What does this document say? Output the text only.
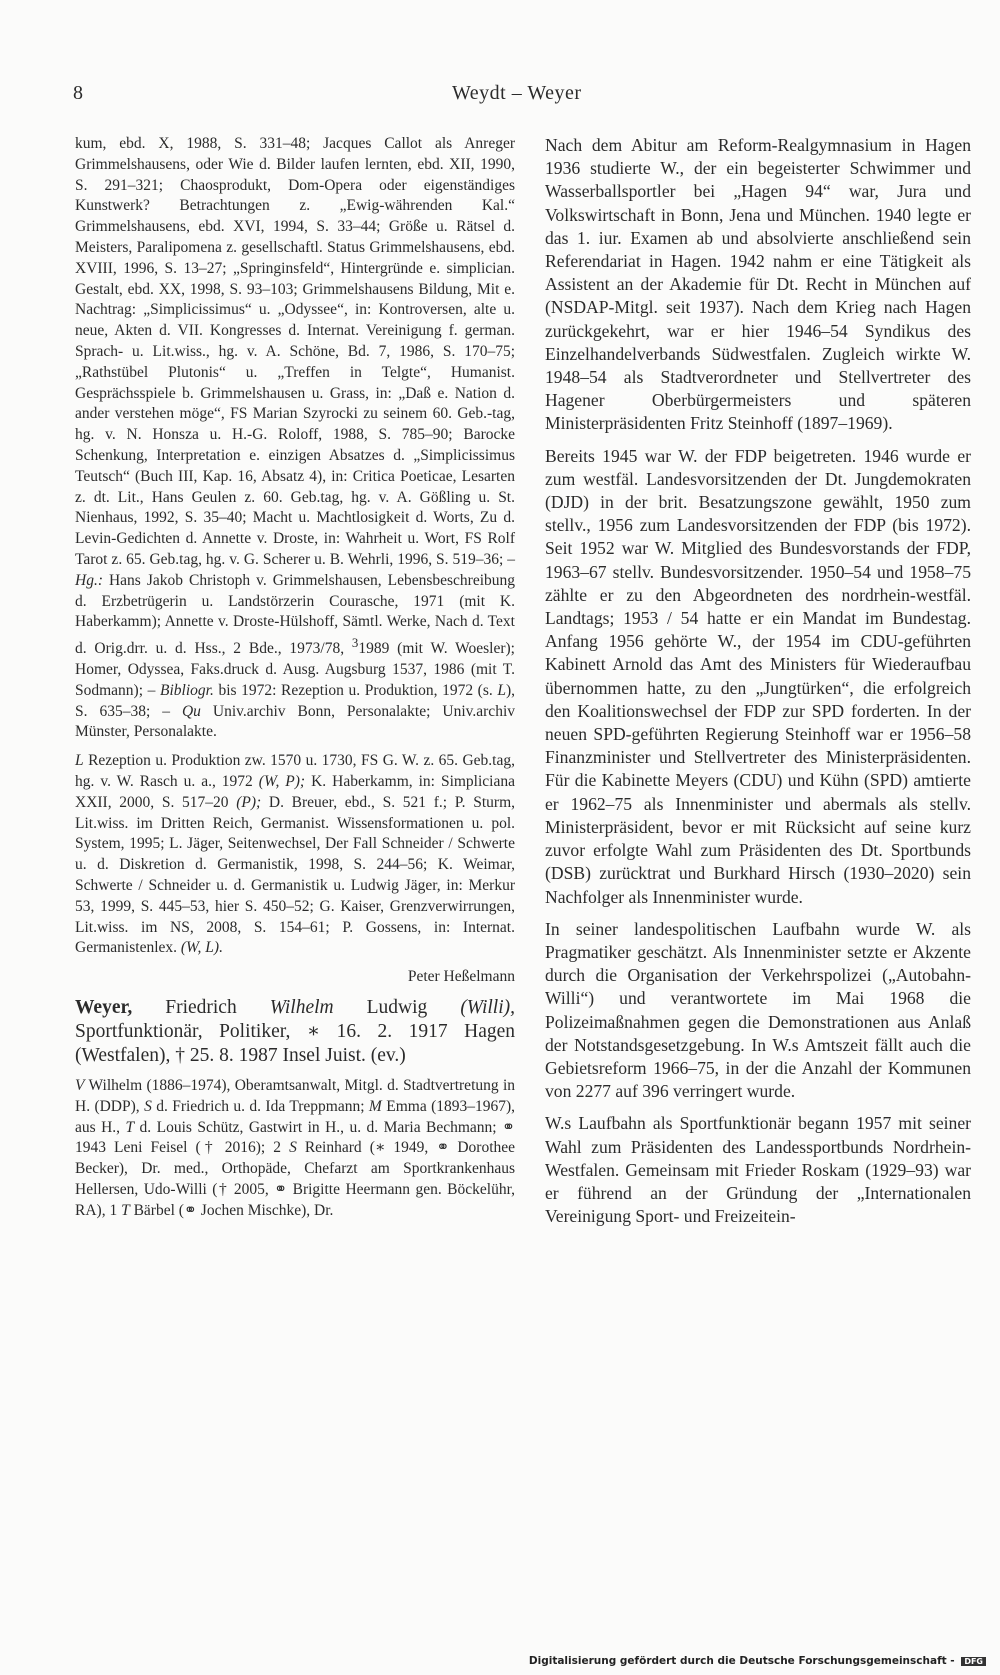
8	Weydt – Weyer

kum, ebd. X, 1988, S. 331–48; Jacques Callot als Anreger Grimmelshausens, oder Wie d. Bilder laufen lernten, ebd. XII, 1990, S. 291–321; Chaosprodukt, Dom-Opera oder eigenständiges Kunstwerk? Betrachtungen z. „Ewig-währenden Kal.“ Grimmelshausens, ebd. XVI, 1994, S. 33–44; Größe u. Rätsel d. Meisters, Paralipomena z. gesellschaftl. Status Grimmelshausens, ebd. XVIII, 1996, S. 13–27; „Springinsfeld“, Hintergründe e. simplician. Gestalt, ebd. XX, 1998, S. 93–103; Grimmelshausens Bildung, Mit e. Nachtrag: „Simplicissimus“ u. „Odyssee“, in: Kontroversen, alte u. neue, Akten d. VII. Kongresses d. Internat. Vereinigung f. german. Sprach- u. Lit.wiss., hg. v. A. Schöne, Bd. 7, 1986, S. 170–75; „Rathstübel Plutonis“ u. „Treffen in Telgte“, Humanist. Gesprächsspiele b. Grimmelshausen u. Grass, in: „Daß e. Nation d. ander verstehen möge“, FS Marian Szyrocki zu seinem 60. Geb.-tag, hg. v. N. Honsza u. H.-G. Roloff, 1988, S. 785–90; Barocke Schenkung, Interpretation e. einzigen Absatzes d. „Simplicissimus Teutsch“ (Buch III, Kap. 16, Absatz 4), in: Critica Poeticae, Lesarten z. dt. Lit., Hans Geulen z. 60. Geb.tag, hg. v. A. Gößling u. St. Nienhaus, 1992, S. 35–40; Macht u. Machtlosigkeit d. Worts, Zu d. Levin-Gedichten d. Annette v. Droste, in: Wahrheit u. Wort, FS Rolf Tarot z. 65. Geb.tag, hg. v. G. Scherer u. B. Wehrli, 1996, S. 519–36; – Hg.: Hans Jakob Christoph v. Grimmelshausen, Lebensbeschreibung d. Erzbetrügerin u. Landstörzerin Courasche, 1971 (mit K. Haberkamm); Annette v. Droste-Hülshoff, Sämtl. Werke, Nach d. Text d. Orig.drr. u. d. Hss., 2 Bde., 1973/78, $^3$1989 (mit W. Woesler); Homer, Odyssea, Faks.druck d. Ausg. Augsburg 1537, 1986 (mit T. Sodmann); – Bibliogr. bis 1972: Rezeption u. Produktion, 1972 (s. L), S. 635–38; – Qu Univ.archiv Bonn, Personalakte; Univ.archiv Münster, Personalakte.

L Rezeption u. Produktion zw. 1570 u. 1730, FS G. W. z. 65. Geb.tag, hg. v. W. Rasch u. a., 1972 (W, P); K. Haberkamm, in: Simpliciana XXII, 2000, S. 517–20 (P); D. Breuer, ebd., S. 521 f.; P. Sturm, Lit.wiss. im Dritten Reich, Germanist. Wissensformationen u. pol. System, 1995; L. Jäger, Seitenwechsel, Der Fall Schneider / Schwerte u. d. Diskretion d. Germanistik, 1998, S. 244–56; K. Weimar, Schwerte / Schneider u. d. Germanistik u. Ludwig Jäger, in: Merkur 53, 1999, S. 445–53, hier S. 450–52; G. Kaiser, Grenzverwirrungen, Lit.wiss. im NS, 2008, S. 154–61; P. Gossens, in: Internat. Germanistenlex. (W, L).

Peter Heßelmann

Weyer, Friedrich Wilhelm Ludwig (Willi), Sportfunktionär, Politiker, ∗ 16. 2. 1917 Hagen (Westfalen), † 25. 8. 1987 Insel Juist. (ev.)

V Wilhelm (1886–1974), Oberamtsanwalt, Mitgl. d. Stadtvertretung in H. (DDP), S d. Friedrich u. d. Ida Treppmann; M Emma (1893–1967), aus H., T d. Louis Schütz, Gastwirt in H., u. d. Maria Bechmann; ⚭ 1943 Leni Feisel († 2016); 2 S Reinhard (∗ 1949, ⚭ Dorothee Becker), Dr. med., Orthopäde, Chefarzt am Sportkrankenhaus Hellersen, Udo-Willi († 2005, ⚭ Brigitte Heermann gen. Böckelühr, RA), 1 T Bärbel (⚭ Jochen Mischke), Dr.

Nach dem Abitur am Reform-Realgymnasium in Hagen 1936 studierte W., der ein begeisterter Schwimmer und Wasserballsportler bei „Hagen 94“ war, Jura und Volkswirtschaft in Bonn, Jena und München. 1940 legte er das 1. iur. Examen ab und absolvierte anschließend sein Referendariat in Hagen. 1942 nahm er eine Tätigkeit als Assistent an der Akademie für Dt. Recht in München auf (NSDAP-Mitgl. seit 1937). Nach dem Krieg nach Hagen zurückgekehrt, war er hier 1946–54 Syndikus des Einzelhandelverbands Südwestfalen. Zugleich wirkte W. 1948–54 als Stadtverordneter und Stellvertreter des Hagener Oberbürgermeisters und späteren Ministerpräsidenten Fritz Steinhoff (1897–1969).

Bereits 1945 war W. der FDP beigetreten. 1946 wurde er zum westfäl. Landesvorsitzenden der Dt. Jungdemokraten (DJD) in der brit. Besatzungszone gewählt, 1950 zum stellv., 1956 zum Landesvorsitzenden der FDP (bis 1972). Seit 1952 war W. Mitglied des Bundesvorstands der FDP, 1963–67 stellv. Bundesvorsitzender. 1950–54 und 1958–75 zählte er zu den Abgeordneten des nordrhein-westfäl. Landtags; 1953 / 54 hatte er ein Mandat im Bundestag. Anfang 1956 gehörte W., der 1954 im CDU-geführten Kabinett Arnold das Amt des Ministers für Wiederaufbau übernommen hatte, zu den „Jungtürken“, die erfolgreich den Koalitionswechsel der FDP zur SPD forderten. In der neuen SPD-geführten Regierung Steinhoff war er 1956–58 Finanzminister und Stellvertreter des Ministerpräsidenten. Für die Kabinette Meyers (CDU) und Kühn (SPD) amtierte er 1962–75 als Innenminister und abermals als stellv. Ministerpräsident, bevor er mit Rücksicht auf seine kurz zuvor erfolgte Wahl zum Präsidenten des Dt. Sportbunds (DSB) zurücktrat und Burkhard Hirsch (1930–2020) sein Nachfolger als Innenminister wurde.

In seiner landespolitischen Laufbahn wurde W. als Pragmatiker geschätzt. Als Innenminister setzte er Akzente durch die Organisation der Verkehrspolizei („Autobahn-Willi“) und verantwortete im Mai 1968 die Polizeimaßnahmen gegen die Demonstrationen aus Anlaß der Notstandsgesetzgebung. In W.s Amtszeit fällt auch die Gebietsreform 1966–75, in der die Anzahl der Kommunen von 2277 auf 396 verringert wurde.

W.s Laufbahn als Sportfunktionär begann 1957 mit seiner Wahl zum Präsidenten des Landessportbunds Nordrhein-Westfalen. Gemeinsam mit Frieder Roskam (1929–93) war er führend an der Gründung der „Internationalen Vereinigung Sport- und Freizeitein-

Digitalisierung gefördert durch die Deutsche Forschungsgemeinschaft - DFG
